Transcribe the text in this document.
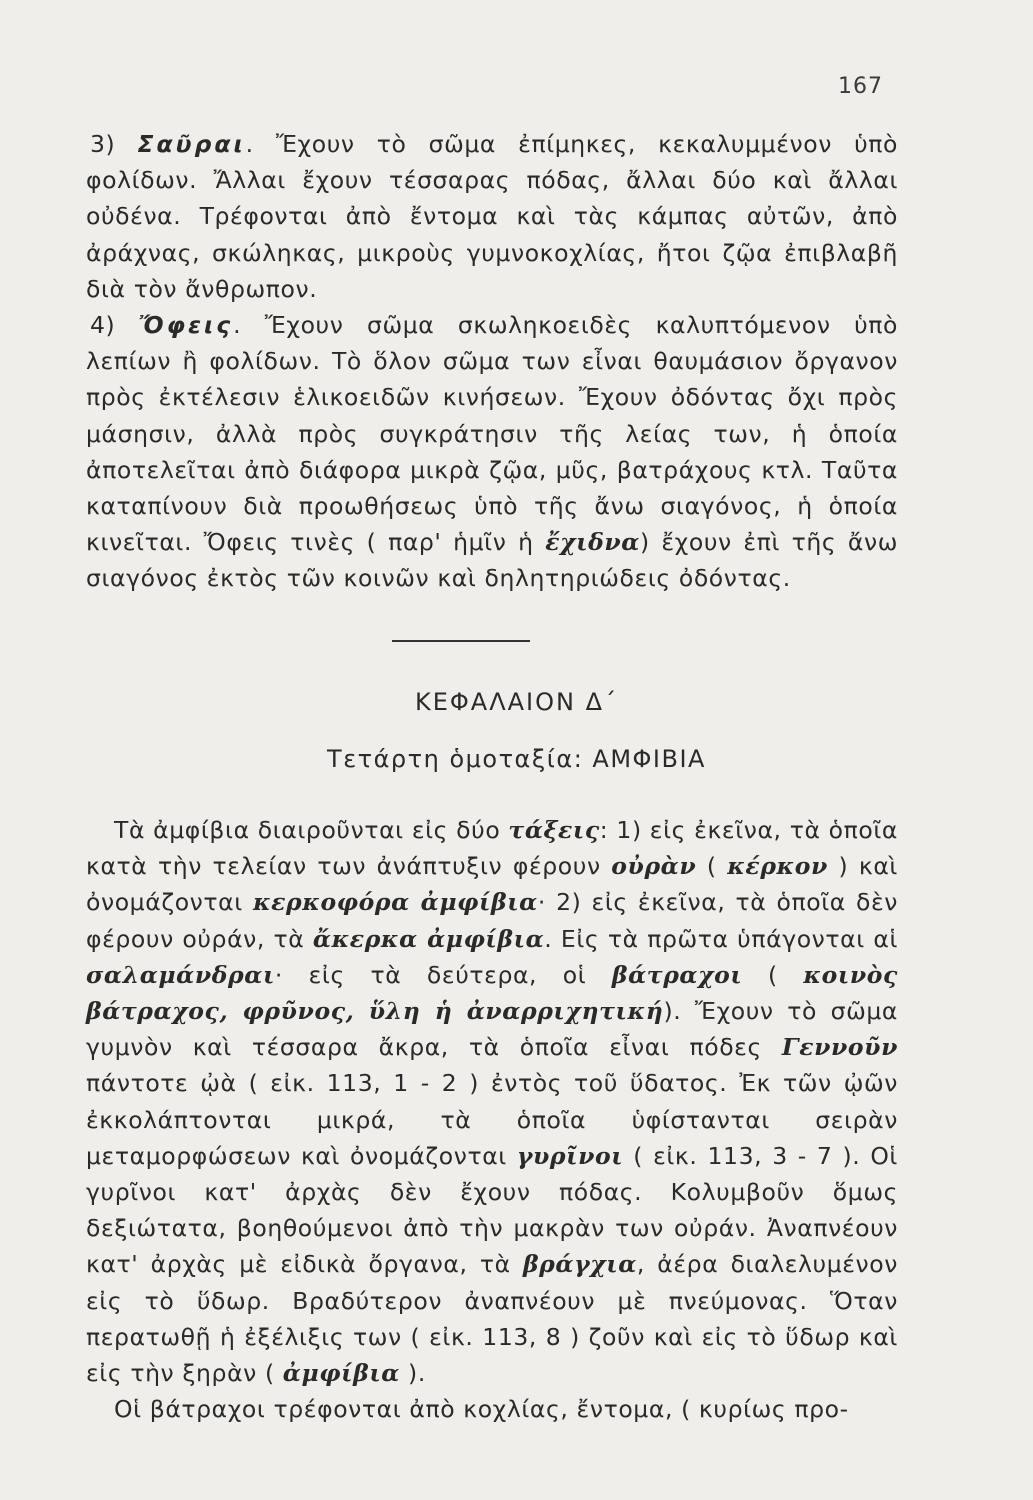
167

3) Σαῦραι. Ἔχουν τὸ σῶμα ἐπίμηκες, κεκαλυμμένον ὑπὸ φολίδων. Ἄλλαι ἔχουν τέσσαρας πόδας, ἄλλαι δύο καὶ ἄλλαι οὐδένα. Τρέφονται ἀπὸ ἔντομα καὶ τὰς κάμπας αὐτῶν, ἀπὸ ἀράχνας, σκώληκας, μικροὺς γυμνοκοχλίας, ἤτοι ζῷα ἐπιβλαβῆ διὰ τὸν ἄνθρωπον.

4) Ὄφεις. Ἔχουν σῶμα σκωληκοειδὲς καλυπτόμενον ὑπὸ λεπίων ἢ φολίδων. Τὸ ὅλον σῶμα των εἶναι θαυμάσιον ὄργανον πρὸς ἐκτέλεσιν ἑλικοειδῶν κινήσεων. Ἔχουν ὀδόντας ὄχι πρὸς μάσησιν, ἀλλὰ πρὸς συγκράτησιν τῆς λείας των, ἡ ὁποία ἀποτελεῖται ἀπὸ διάφορα μικρὰ ζῷα, μῦς, βατράχους κτλ. Ταῦτα καταπίνουν διὰ προωθήσεως ὑπὸ τῆς ἄνω σιαγόνος, ἡ ὁποία κινεῖται. Ὄφεις τινὲς ( παρ' ἡμῖν ἡ ἔχιδνα) ἔχουν ἐπὶ τῆς ἄνω σιαγόνος ἐκτὸς τῶν κοινῶν καὶ δηλητηριώδεις ὀδόντας.

ΚΕΦΑΛΑΙΟΝ Δ΄
Τετάρτη ὁμοταξία: ΑΜΦΙΒΙΑ

Τὰ ἀμφίβια διαιροῦνται εἰς δύο τάξεις: 1) εἰς ἐκεῖνα, τὰ ὁποῖα κατὰ τὴν τελείαν των ἀνάπτυξιν φέρουν οὐρὰν ( κέρκον ) καὶ ὀνομάζονται κερκοφόρα ἀμφίβια· 2) εἰς ἐκεῖνα, τὰ ὁποῖα δὲν φέρουν οὐράν, τὰ ἄκερκα ἀμφίβια. Εἰς τὰ πρῶτα ὑπάγονται αἱ σαλαμάνδραι· εἰς τὰ δεύτερα, οἱ βάτραχοι ( κοινὸς βάτραχος, φρῦνος, ὕλη ἡ ἀναρριχητική). Ἔχουν τὸ σῶμα γυμνὸν καὶ τέσσαρα ἄκρα, τὰ ὁποῖα εἶναι πόδες Γεννοῦν πάντοτε ᾠὰ ( εἰκ. 113, 1 - 2 ) ἐντὸς τοῦ ὕδατος. Ἐκ τῶν ᾠῶν ἐκκολάπτονται μικρά, τὰ ὁποῖα ὑφίστανται σειρὰν μεταμορφώσεων καὶ ὀνομάζονται γυρῖνοι ( εἰκ. 113, 3 - 7 ). Οἱ γυρῖνοι κατ' ἀρχὰς δὲν ἔχουν πόδας. Κολυμβοῦν ὅμως δεξιώτατα, βοηθούμενοι ἀπὸ τὴν μακρὰν των οὐράν. Ἀναπνέουν κατ' ἀρχὰς μὲ εἰδικὰ ὄργανα, τὰ βράγχια, ἀέρα διαλελυμένον εἰς τὸ ὕδωρ. Βραδύτερον ἀναπνέουν μὲ πνεύμονας. Ὅταν περατωθῇ ἡ ἐξέλιξις των ( εἰκ. 113, 8 ) ζοῦν καὶ εἰς τὸ ὕδωρ καὶ εἰς τὴν ξηρὰν ( ἀμφίβια ).

Οἱ βάτραχοι τρέφονται ἀπὸ κοχλίας, ἔντομα, ( κυρίως προ-
